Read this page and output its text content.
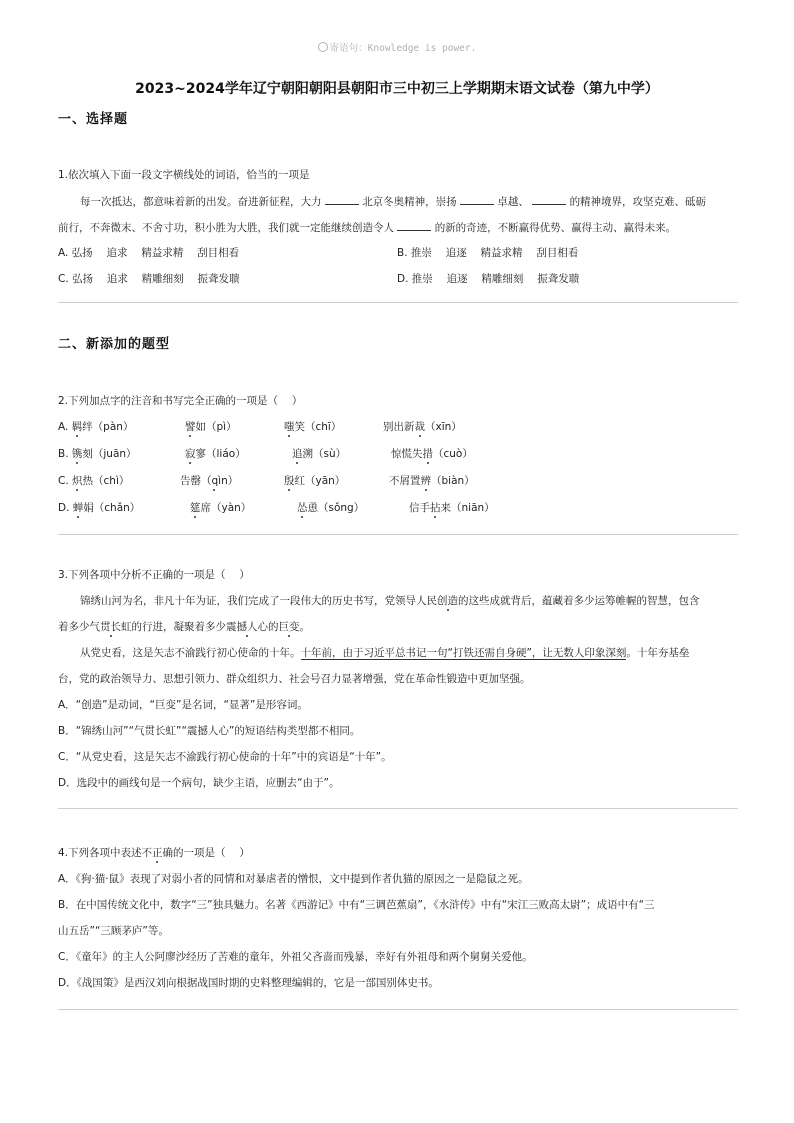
寄语句：Knowledge is power.
2023~2024学年辽宁朝阳朝阳县朝阳市三中初三上学期期末语文试卷（第九中学）
一、选择题
1.依次填入下面一段文字横线处的词语，恰当的一项是
每一次抵达，都意味着新的出发。奋进新征程，大力	北京冬奥精神，崇扬	卓越、	的精神境界，攻坚克难、砥砺
前行，不奔微末、不舍寸功，积小胜为大胜，我们就一定能继续创造令人	的新的奇迹，不断赢得优势、赢得主动、赢得未来。
A. 弘扬　 追求　 精益求精　 刮目相看	B. 推崇　 追逐　 精益求精　 刮目相看
C. 弘扬　 追求　 精雕细刻　 振聋发聩	D. 推崇　 追逐　 精雕细刻　 振聋发聩
二、新添加的题型
2.下列加点字的注音和书写完全正确的一项是（　 ）
A. 羁绊（pàn）	譬如（pì）	嗤笑（chī）	别出新裁（xīn）
B. 镌刻（juān）	寂寥（liáo）	追溯（sù）	惊慌失措（cuò）
C. 炽热（chì）	告罄（qìn）	殷红（yān）	不屑置辨（biàn）
D. 蝉娟（chǎn）	筵席（yàn）	怂恿（sǒng）	信手拈来（niān）
3.下列各项中分析不正确的一项是（　 ）
锦绣山河为名，非凡十年为证，我们完成了一段伟大的历史书写，党领导人民创造的这些成就背后，蕴藏着多少运筹帷幄的智慧，包含
着多少气贯长虹的行进，凝聚着多少震撼人心的巨变。
从党史看，这是矢志不渝践行初心使命的十年。十年前，由于习近平总书记一句“打铁还需自身硬”，让无数人印象深刻。十年夯基垒
台，党的政治领导力、思想引领力、群众组织力、社会号召力显著增强，党在革命性锻造中更加坚强。
A．“创造”是动词，“巨变”是名词，“显著”是形容词。
B．“锦绣山河”“气贯长虹”“震撼人心”的短语结构类型都不相同。
C．“从党史看，这是矢志不渝践行初心使命的十年”中的宾语是“十年”。
D．选段中的画线句是一个病句，缺少主语，应删去“由于”。
4.下列各项中表述不正确的一项是（　 ）
A．《狗·猫·鼠》表现了对弱小者的同情和对暴虐者的憎恨，文中提到作者仇猫的原因之一是隐鼠之死。
B．在中国传统文化中，数字“三”独具魅力。名著《西游记》中有“三调芭蕉扇”，《水浒传》中有“宋江三败高太尉”；成语中有“三
山五岳”“三顾茅庐”等。
C．《童年》的主人公阿廖沙经历了苦难的童年，外祖父吝啬而残暴，幸好有外祖母和两个舅舅关爱他。
D．《战国策》是西汉刘向根据战国时期的史料整理编辑的，它是一部国别体史书。
